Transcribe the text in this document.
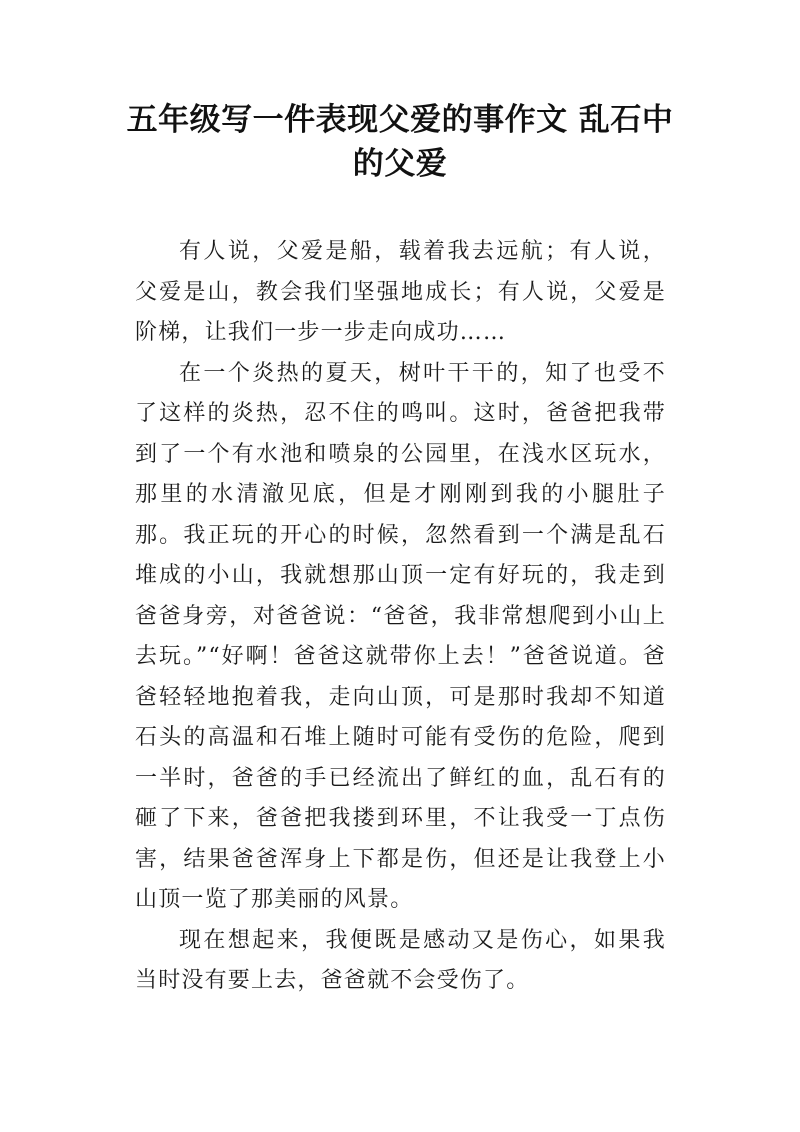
五年级写一件表现父爱的事作文 乱石中的父爱

有人说，父爱是船，载着我去远航；有人说，父爱是山，教会我们坚强地成长；有人说，父爱是阶梯，让我们一步一步走向成功……

在一个炎热的夏天，树叶干干的，知了也受不了这样的炎热，忍不住的鸣叫。这时，爸爸把我带到了一个有水池和喷泉的公园里，在浅水区玩水，那里的水清澈见底，但是才刚刚到我的小腿肚子那。我正玩的开心的时候，忽然看到一个满是乱石堆成的小山，我就想那山顶一定有好玩的，我走到爸爸身旁，对爸爸说：“爸爸，我非常想爬到小山上去玩。”“好啊！爸爸这就带你上去！”爸爸说道。爸爸轻轻地抱着我，走向山顶，可是那时我却不知道石头的高温和石堆上随时可能有受伤的危险，爬到一半时，爸爸的手已经流出了鲜红的血，乱石有的砸了下来，爸爸把我搂到环里，不让我受一丁点伤害，结果爸爸浑身上下都是伤，但还是让我登上小山顶一览了那美丽的风景。

现在想起来，我便既是感动又是伤心，如果我当时没有要上去，爸爸就不会受伤了。
